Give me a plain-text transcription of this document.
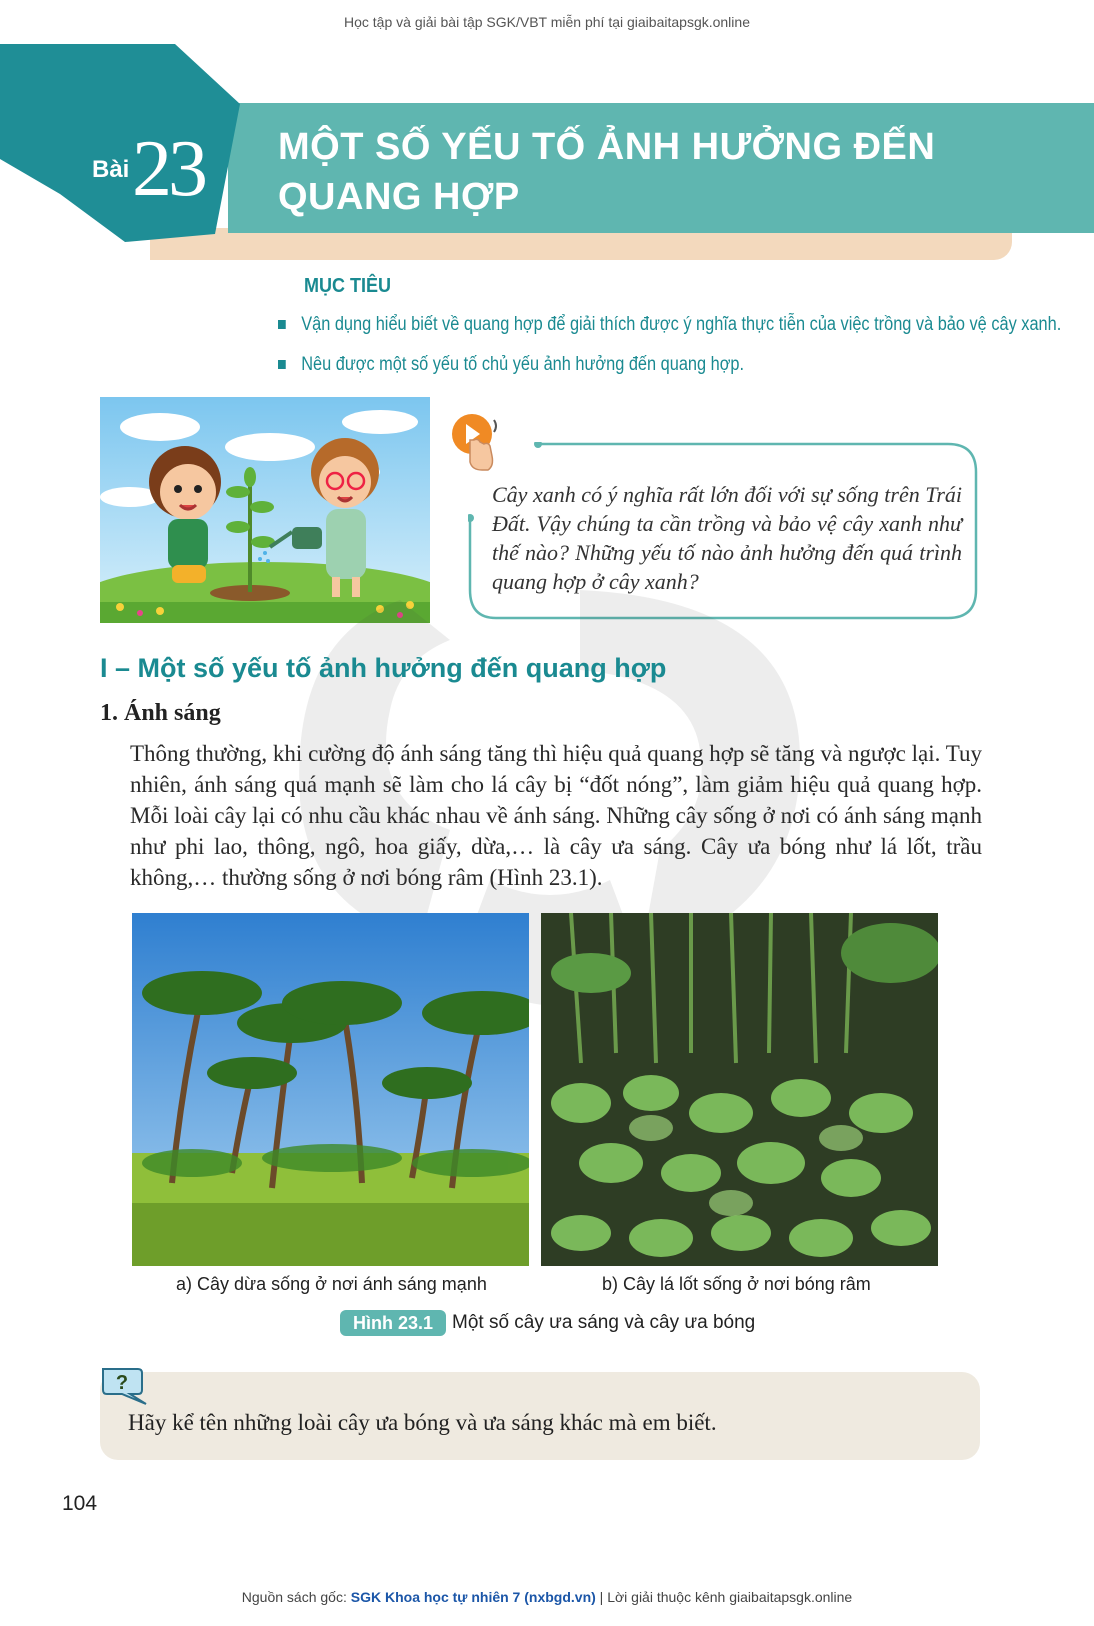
Học tập và giải bài tập SGK/VBT miễn phí tại giaibaitapsgk.online
Bài 23 MỘT SỐ YẾU TỐ ẢNH HƯỞNG ĐẾN
QUANG HỢP
MỤC TIÊU
Vận dụng hiểu biết về quang hợp để giải thích được ý nghĩa thực tiễn của việc trồng và bảo vệ cây xanh.
Nêu được một số yếu tố chủ yếu ảnh hưởng đến quang hợp.
Cây xanh có ý nghĩa rất lớn đối với sự sống trên Trái Đất. Vậy chúng ta cần trồng và bảo vệ cây xanh như thế nào? Những yếu tố nào ảnh hưởng đến quá trình quang hợp ở cây xanh?
I – Một số yếu tố ảnh hưởng đến quang hợp
1. Ánh sáng
Thông thường, khi cường độ ánh sáng tăng thì hiệu quả quang hợp sẽ tăng và ngược lại. Tuy nhiên, ánh sáng quá mạnh sẽ làm cho lá cây bị “đốt nóng”, làm giảm hiệu quả quang hợp. Mỗi loài cây lại có nhu cầu khác nhau về ánh sáng. Những cây sống ở nơi có ánh sáng mạnh như phi lao, thông, ngô, hoa giấy, dừa,… là cây ưa sáng. Cây ưa bóng như lá lốt, trầu không,… thường sống ở nơi bóng râm (Hình 23.1).
a) Cây dừa sống ở nơi ánh sáng mạnh	b) Cây lá lốt sống ở nơi bóng râm
Hình 23.1 Một số cây ưa sáng và cây ưa bóng
?
Hãy kể tên những loài cây ưa bóng và ưa sáng khác mà em biết.
104
Nguồn sách gốc: SGK Khoa học tự nhiên 7 (nxbgd.vn) | Lời giải thuộc kênh giaibaitapsgk.online
